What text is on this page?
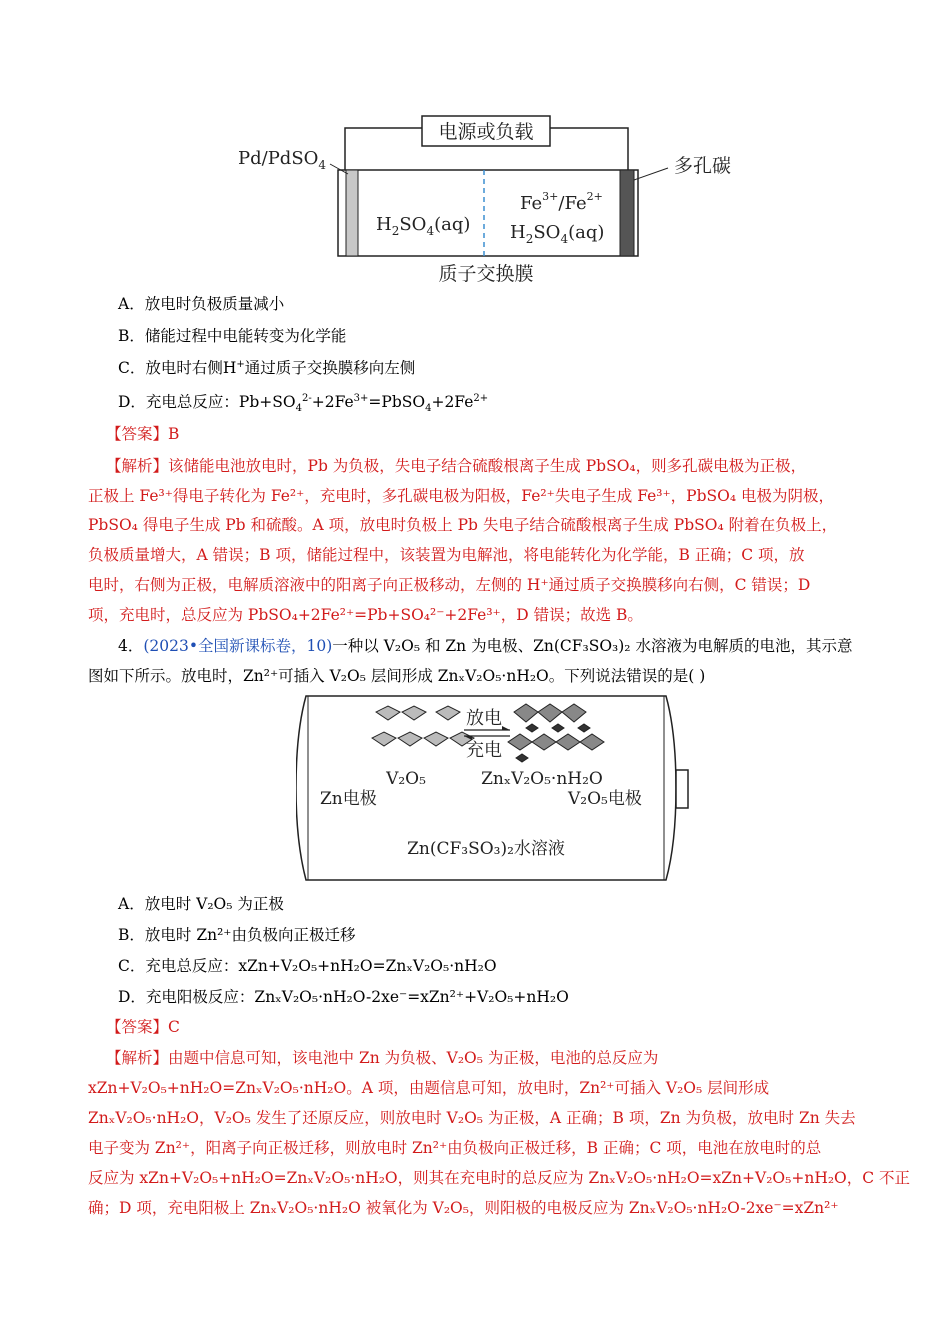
电源或负载
Pd/PdSO$_4$	多孔碳
$H_2SO_4(aq)$
$Fe^{3+}/Fe^{2+}$
$H_2SO_4(aq)$
质子交换膜
A．放电时负极质量减小
B．储能过程中电能转变为化学能
C．放电时右侧H+通过质子交换膜移向左侧
D．充电总反应：$Pb+SO_4^{2-}+2Fe^{3+}=PbSO_4+2Fe^{2+}$
【答案】B
【解析】该储能电池放电时，Pb 为负极，失电子结合硫酸根离子生成 PbSO₄，则多孔碳电极为正极，
正极上 Fe³⁺得电子转化为 Fe²⁺，充电时，多孔碳电极为阳极，Fe²⁺失电子生成 Fe³⁺，PbSO₄ 电极为阴极，
PbSO₄ 得电子生成 Pb 和硫酸。A 项，放电时负极上 Pb 失电子结合硫酸根离子生成 PbSO₄ 附着在负极上，
负极质量增大，A 错误；B 项，储能过程中，该装置为电解池，将电能转化为化学能，B 正确；C 项，放
电时，右侧为正极，电解质溶液中的阳离子向正极移动，左侧的 H⁺通过质子交换膜移向右侧，C 错误；D
项，充电时，总反应为 PbSO₄+2Fe²⁺=Pb+SO₄²⁻+2Fe³⁺，D 错误；故选 B。
4．(2023•全国新课标卷，10)一种以 V₂O₅ 和 Zn 为电极、Zn(CF₃SO₃)₂ 水溶液为电解质的电池，其示意
图如下所示。放电时，Zn²⁺可插入 V₂O₅ 层间形成 ZnₓV₂O₅·nH₂O。下列说法错误的是( )
放电
充电
V₂O₅	ZnₓV₂O₅·nH₂O
Zn电极	V₂O₅电极
Zn(CF₃SO₃)₂水溶液
A．放电时 V₂O₅ 为正极
B．放电时 Zn²⁺由负极向正极迁移
C．充电总反应：xZn+V₂O₅+nH₂O=ZnₓV₂O₅·nH₂O
D．充电阳极反应：ZnₓV₂O₅·nH₂O-2xe⁻=xZn²⁺+V₂O₅+nH₂O
【答案】C
【解析】由题中信息可知，该电池中 Zn 为负极、V₂O₅ 为正极，电池的总反应为
xZn+V₂O₅+nH₂O=ZnₓV₂O₅·nH₂O。A 项，由题信息可知，放电时，Zn²⁺可插入 V₂O₅ 层间形成
ZnₓV₂O₅·nH₂O，V₂O₅ 发生了还原反应，则放电时 V₂O₅ 为正极，A 正确；B 项，Zn 为负极，放电时 Zn 失去
电子变为 Zn²⁺，阳离子向正极迁移，则放电时 Zn²⁺由负极向正极迁移，B 正确；C 项，电池在放电时的总
反应为 xZn+V₂O₅+nH₂O=ZnₓV₂O₅·nH₂O，则其在充电时的总反应为 ZnₓV₂O₅·nH₂O=xZn+V₂O₅+nH₂O，C 不正
确；D 项，充电阳极上 ZnₓV₂O₅·nH₂O 被氧化为 V₂O₅，则阳极的电极反应为 ZnₓV₂O₅·nH₂O-2xe⁻=xZn²⁺
